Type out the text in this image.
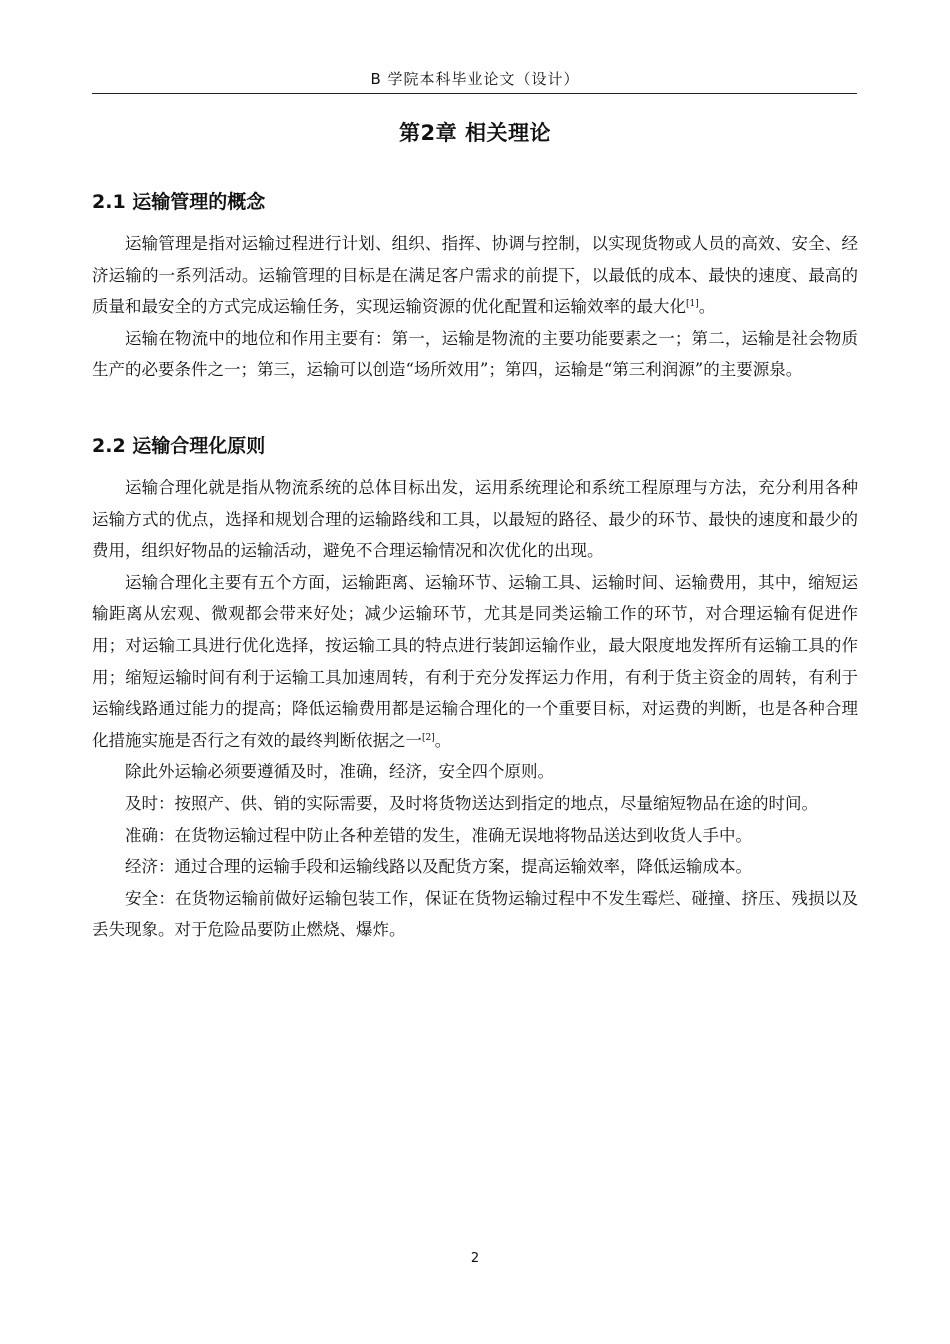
B 学院本科毕业论文（设计）
第2章 相关理论
2.1 运输管理的概念

运输管理是指对运输过程进行计划、组织、指挥、协调与控制，以实现货物或人员的高效、安全、经济运输的一系列活动。运输管理的目标是在满足客户需求的前提下，以最低的成本、最快的速度、最高的质量和最安全的方式完成运输任务，实现运输资源的优化配置和运输效率的最大化[1]。

运输在物流中的地位和作用主要有：第一，运输是物流的主要功能要素之一；第二，运输是社会物质生产的必要条件之一；第三，运输可以创造“场所效用”；第四，运输是“第三利润源”的主要源泉。

2.2 运输合理化原则

运输合理化就是指从物流系统的总体目标出发，运用系统理论和系统工程原理与方法，充分利用各种运输方式的优点，选择和规划合理的运输路线和工具，以最短的路径、最少的环节、最快的速度和最少的费用，组织好物品的运输活动，避免不合理运输情况和次优化的出现。

运输合理化主要有五个方面，运输距离、运输环节、运输工具、运输时间、运输费用，其中，缩短运输距离从宏观、微观都会带来好处；减少运输环节，尤其是同类运输工作的环节，对合理运输有促进作用；对运输工具进行优化选择，按运输工具的特点进行装卸运输作业，最大限度地发挥所有运输工具的作用；缩短运输时间有利于运输工具加速周转，有利于充分发挥运力作用，有利于货主资金的周转，有利于运输线路通过能力的提高；降低运输费用都是运输合理化的一个重要目标，对运费的判断，也是各种合理化措施实施是否行之有效的最终判断依据之一[2]。

除此外运输必须要遵循及时，准确，经济，安全四个原则。

及时：按照产、供、销的实际需要，及时将货物送达到指定的地点，尽量缩短物品在途的时间。

准确：在货物运输过程中防止各种差错的发生，准确无误地将物品送达到收货人手中。

经济：通过合理的运输手段和运输线路以及配货方案，提高运输效率，降低运输成本。

安全：在货物运输前做好运输包装工作，保证在货物运输过程中不发生霉烂、碰撞、挤压、残损以及丢失现象。对于危险品要防止燃烧、爆炸。

2
